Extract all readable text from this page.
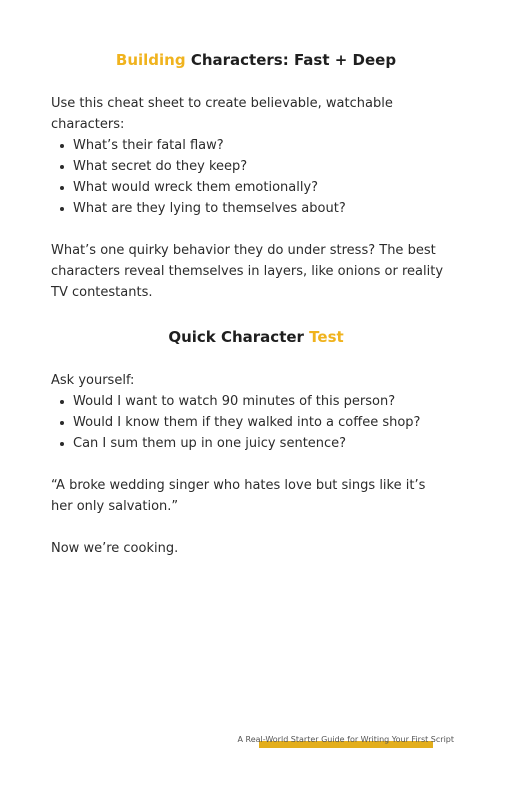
Building Characters: Fast + Deep

Use this cheat sheet to create believable, watchable characters:

What’s their fatal flaw?
What secret do they keep?
What would wreck them emotionally?
What are they lying to themselves about?

What’s one quirky behavior they do under stress? The best characters reveal themselves in layers, like onions or reality TV contestants.

Quick Character Test

Ask yourself:

Would I want to watch 90 minutes of this person?
Would I know them if they walked into a coffee shop?
Can I sum them up in one juicy sentence?

“A broke wedding singer who hates love but sings like it’s her only salvation.”

Now we’re cooking.

A Real-World Starter Guide for Writing Your First Script
